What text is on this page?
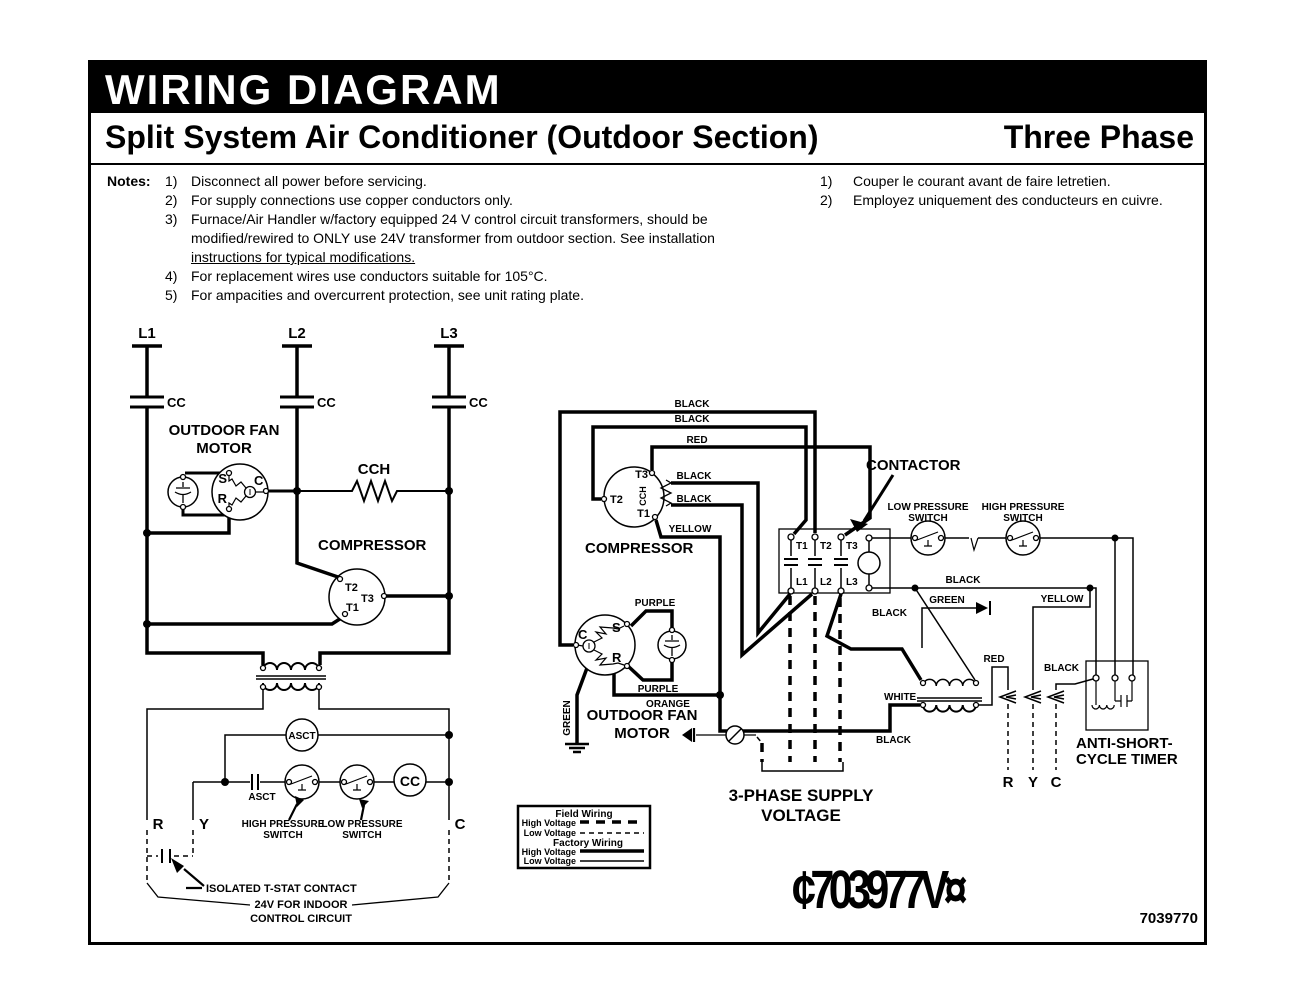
WIRING DIAGRAM
Split System Air Conditioner (Outdoor Section)	Three Phase
Notes: 1) Disconnect all power before servicing.
2) For supply connections use copper conductors only.
3) Furnace/Air Handler w/factory equipped 24 V control circuit transformers, should be
modified/rewired to ONLY use 24V transformer from outdoor section. See installation
instructions for typical modifications.
4) For replacement wires use conductors suitable for 105°C.
5) For ampacities and overcurrent protection, see unit rating plate.
1)	Couper le courant avant de faire letretien.
2)	Employez uniquement des conducteurs en cuivre.
T2
T3
T1
L1	L2	L3
CC	CC	CC
OUTDOOR FAN
MOTOR
S C
R
CCH
COMPRESSOR
ASCT
ASCT
CC
HIGH PRESSURE
SWITCH
LOW PRESSURE
SWITCH
R Y	C
ISOLATED T-STAT CONTACT
24V FOR INDOOR
CONTROL CIRCUIT
T3
T2
T1
CCH
C S
R
T1 T2 T3
L1 L2 L3
BLACK
BLACK
RED
BLACK
BLACK
YELLOW
PURPLE
PURPLE
ORANGE
GREEN
BLACK
GREEN	YELLOW
BLACK
RED
WHITE
BLACK
BLACK
COMPRESSOR
CONTACTOR
LOW PRESSURE
SWITCH
HIGH PRESSURE
SWITCH
OUTDOOR FAN
MOTOR
ANTI-SHORT-
CYCLE TIMER
R Y C
3-PHASE SUPPLY
VOLTAGE
Field Wiring
High Voltage
Low Voltage
Factory Wiring
High Voltage
Low Voltage	¢703977V¤	7039770
